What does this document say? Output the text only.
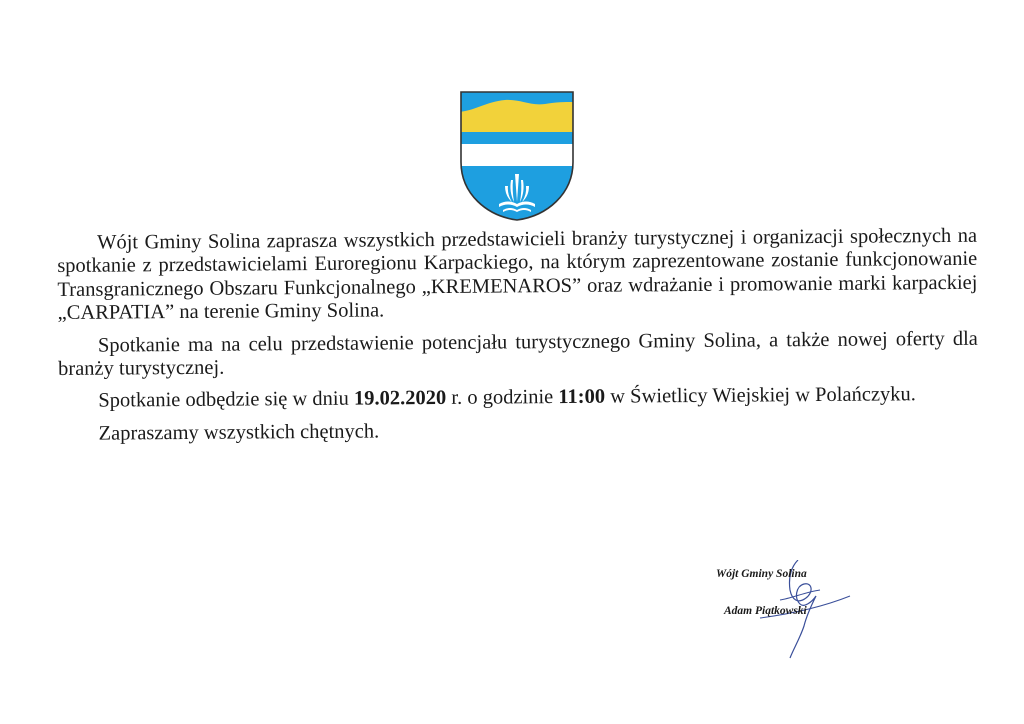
Wójt Gminy Solina zaprasza wszystkich przedstawicieli branży turystycznej i organizacji społecznych na spotkanie z przedstawicielami Euroregionu Karpackiego, na którym zaprezentowane zostanie funkcjonowanie Transgranicznego Obszaru Funkcjonalnego „KREMENAROS” oraz wdrażanie i promowanie marki karpackiej „CARPATIA” na terenie Gminy Solina.

Spotkanie ma na celu przedstawienie potencjału turystycznego Gminy Solina, a także nowej oferty dla branży turystycznej.

Spotkanie odbędzie się w dniu 19.02.2020 r. o godzinie 11:00 w Świetlicy Wiejskiej w Polańczyku.

Zapraszamy wszystkich chętnych.

Wójt Gminy Solina
Adam Piątkowski
